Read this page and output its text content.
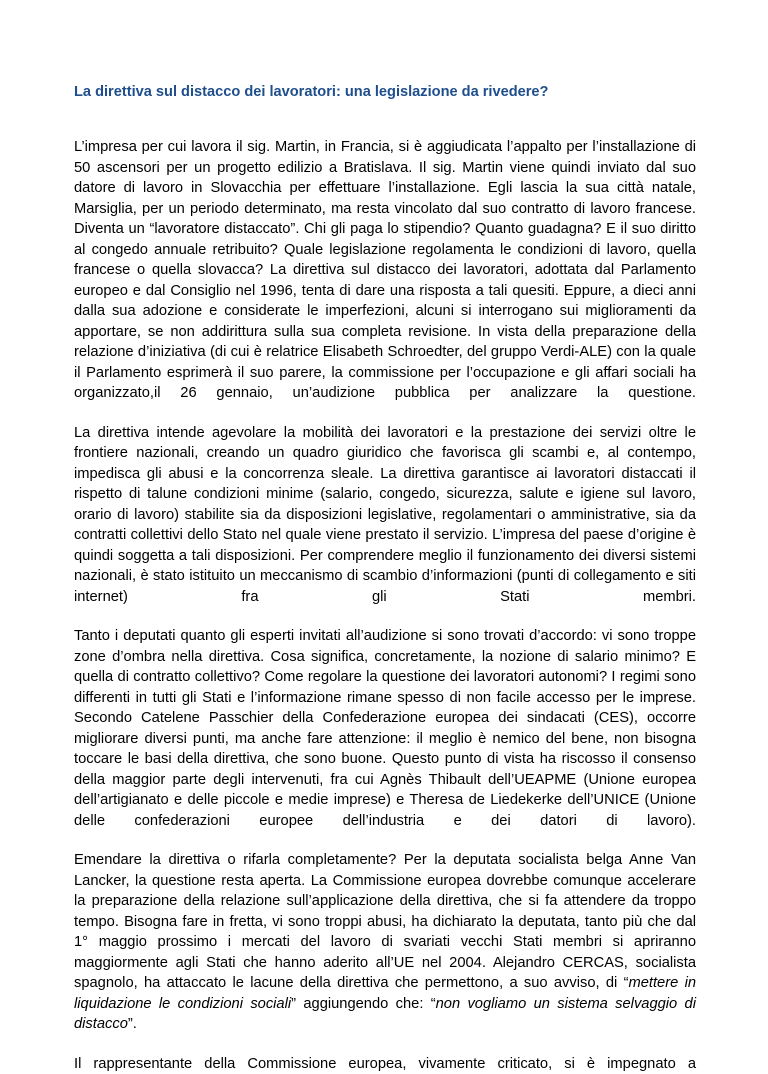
La direttiva sul distacco dei lavoratori: una legislazione da rivedere?

L’impresa per cui lavora il sig. Martin, in Francia, si è aggiudicata l’appalto per l’installazione di 50 ascensori per un progetto edilizio a Bratislava. Il sig. Martin viene quindi inviato dal suo datore di lavoro in Slovacchia per effettuare l’installazione. Egli lascia la sua città natale, Marsiglia, per un periodo determinato, ma resta vincolato dal suo contratto di lavoro francese. Diventa un “lavoratore distaccato”. Chi gli paga lo stipendio? Quanto guadagna? E il suo diritto al congedo annuale retribuito? Quale legislazione regolamenta le condizioni di lavoro, quella francese o quella slovacca? La direttiva sul distacco dei lavoratori, adottata dal Parlamento europeo e dal Consiglio nel 1996, tenta di dare una risposta a tali quesiti. Eppure, a dieci anni dalla sua adozione e considerate le imperfezioni, alcuni si interrogano sui miglioramenti da apportare, se non addirittura sulla sua completa revisione. In vista della preparazione della relazione d’iniziativa (di cui è relatrice Elisabeth Schroedter, del gruppo Verdi-ALE) con la quale il Parlamento esprimerà il suo parere, la commissione per l’occupazione e gli affari sociali ha organizzato,il 26 gennaio, un’audizione pubblica per analizzare la questione.

La direttiva intende agevolare la mobilità dei lavoratori e la prestazione dei servizi oltre le frontiere nazionali, creando un quadro giuridico che favorisca gli scambi e, al contempo, impedisca gli abusi e la concorrenza sleale. La direttiva garantisce ai lavoratori distaccati il rispetto di talune condizioni minime (salario, congedo, sicurezza, salute e igiene sul lavoro, orario di lavoro) stabilite sia da disposizioni legislative, regolamentari o amministrative, sia da contratti collettivi dello Stato nel quale viene prestato il servizio. L’impresa del paese d’origine è quindi soggetta a tali disposizioni. Per comprendere meglio il funzionamento dei diversi sistemi nazionali, è stato istituito un meccanismo di scambio d’informazioni (punti di collegamento e siti internet) fra gli Stati membri.

Tanto i deputati quanto gli esperti invitati all’audizione si sono trovati d’accordo: vi sono troppe zone d’ombra nella direttiva. Cosa significa, concretamente, la nozione di salario minimo? E quella di contratto collettivo? Come regolare la questione dei lavoratori autonomi? I regimi sono differenti in tutti gli Stati e l’informazione rimane spesso di non facile accesso per le imprese. Secondo Catelene Passchier della Confederazione europea dei sindacati (CES), occorre migliorare diversi punti, ma anche fare attenzione: il meglio è nemico del bene, non bisogna toccare le basi della direttiva, che sono buone. Questo punto di vista ha riscosso il consenso della maggior parte degli intervenuti, fra cui Agnès Thibault dell’UEAPME (Unione europea dell’artigianato e delle piccole e medie imprese) e Theresa de Liedekerke dell’UNICE (Unione delle confederazioni europee dell’industria e dei datori di lavoro).

Emendare la direttiva o rifarla completamente? Per la deputata socialista belga Anne Van Lancker, la questione resta aperta. La Commissione europea dovrebbe comunque accelerare la preparazione della relazione sull’applicazione della direttiva, che si fa attendere da troppo tempo. Bisogna fare in fretta, vi sono troppi abusi, ha dichiarato la deputata, tanto più che dal 1° maggio prossimo i mercati del lavoro di svariati vecchi Stati membri si apriranno maggiormente agli Stati che hanno aderito all’UE nel 2004. Alejandro CERCAS, socialista spagnolo, ha attaccato le lacune della direttiva che permettono, a suo avviso, di “mettere in liquidazione le condizioni sociali” aggiungendo che: “non vogliamo un sistema selvaggio di distacco”.

Il rappresentante della Commissione europea, vivamente criticato, si è impegnato a
